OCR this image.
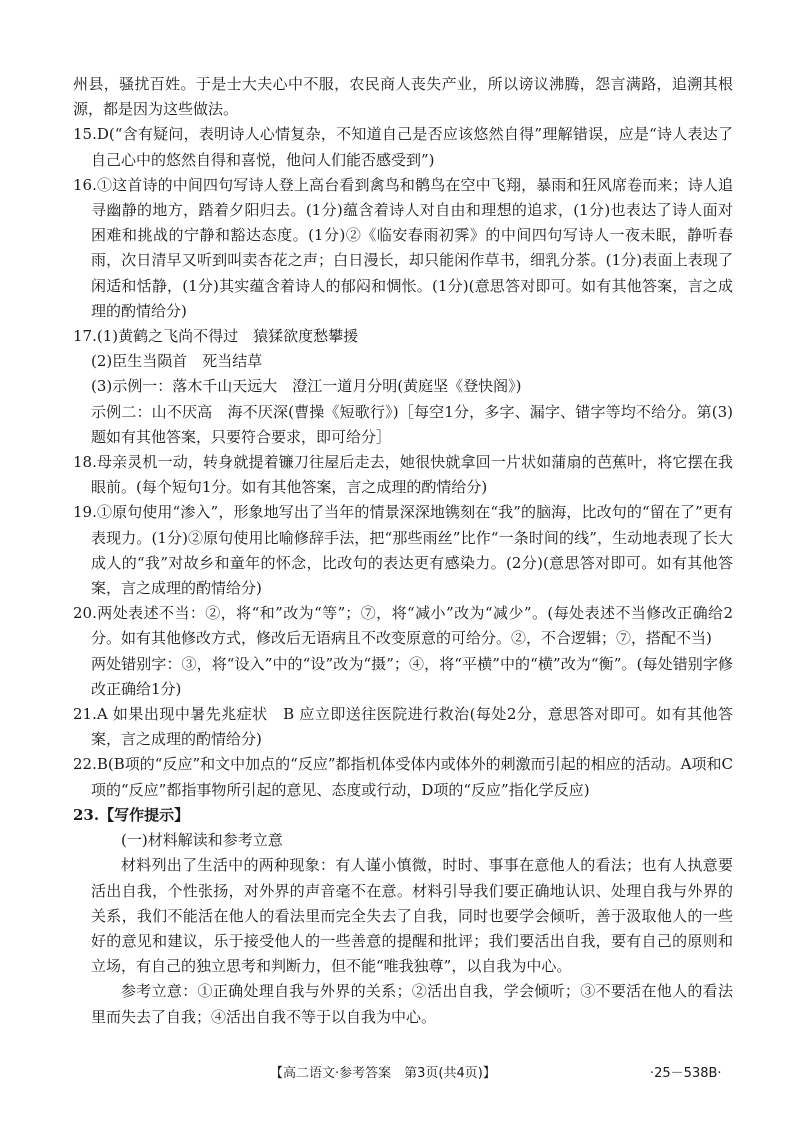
州县，骚扰百姓。于是士大夫心中不服，农民商人丧失产业，所以谤议沸腾，怨言满路，追溯其根源，都是因为这些做法。

15.D(“含有疑问，表明诗人心情复杂，不知道自己是否应该悠然自得”理解错误，应是“诗人表达了自己心中的悠然自得和喜悦，他问人们能否感受到”)

16.①这首诗的中间四句写诗人登上高台看到禽鸟和鹘鸟在空中飞翔，暴雨和狂风席卷而来；诗人追寻幽静的地方，踏着夕阳归去。(1分)蕴含着诗人对自由和理想的追求，(1分)也表达了诗人面对困难和挑战的宁静和豁达态度。(1分)②《临安春雨初霁》的中间四句写诗人一夜未眠，静听春雨，次日清早又听到叫卖杏花之声；白日漫长，却只能闲作草书，细乳分茶。(1分)表面上表现了闲适和恬静，(1分)其实蕴含着诗人的郁闷和惆怅。(1分)(意思答对即可。如有其他答案，言之成理的酌情给分)

17.(1)黄鹤之飞尚不得过　猿猱欲度愁攀援

(2)臣生当陨首　死当结草

(3)示例一：落木千山天远大　澄江一道月分明(黄庭坚《登快阁》)

示例二：山不厌高　海不厌深(曹操《短歌行》)［每空1分，多字、漏字、错字等均不给分。第(3)题如有其他答案，只要符合要求，即可给分］

18.母亲灵机一动，转身就提着镰刀往屋后走去，她很快就拿回一片状如蒲扇的芭蕉叶，将它摆在我眼前。(每个短句1分。如有其他答案，言之成理的酌情给分)

19.①原句使用“渗入”，形象地写出了当年的情景深深地镌刻在“我”的脑海，比改句的“留在了”更有表现力。(1分)②原句使用比喻修辞手法，把“那些雨丝”比作“一条时间的线”，生动地表现了长大成人的“我”对故乡和童年的怀念，比改句的表达更有感染力。(2分)(意思答对即可。如有其他答案，言之成理的酌情给分)

20.两处表述不当：②，将“和”改为“等”；⑦，将“减小”改为“减少”。(每处表述不当修改正确给2分。如有其他修改方式，修改后无语病且不改变原意的可给分。②，不合逻辑；⑦，搭配不当)

两处错别字：③，将“设入”中的“设”改为“摄”；④，将“平横”中的“横”改为“衡”。(每处错别字修改正确给1分)

21.A 如果出现中暑先兆症状　B 应立即送往医院进行救治(每处2分，意思答对即可。如有其他答案，言之成理的酌情给分)

22.B(B项的“反应”和文中加点的“反应”都指机体受体内或体外的刺激而引起的相应的活动。A项和C项的“反应”都指事物所引起的意见、态度或行动，D项的“反应”指化学反应)

23.【写作提示】

(一)材料解读和参考立意

材料列出了生活中的两种现象：有人谨小慎微，时时、事事在意他人的看法；也有人执意要活出自我，个性张扬，对外界的声音毫不在意。材料引导我们要正确地认识、处理自我与外界的关系，我们不能活在他人的看法里而完全失去了自我，同时也要学会倾听，善于汲取他人的一些好的意见和建议，乐于接受他人的一些善意的提醒和批评；我们要活出自我，要有自己的原则和立场，有自己的独立思考和判断力，但不能“唯我独尊”，以自我为中心。

参考立意：①正确处理自我与外界的关系；②活出自我，学会倾听；③不要活在他人的看法里而失去了自我；④活出自我不等于以自我为中心。

【高二语文·参考答案　第3页(共4页)】	·25－538B·
